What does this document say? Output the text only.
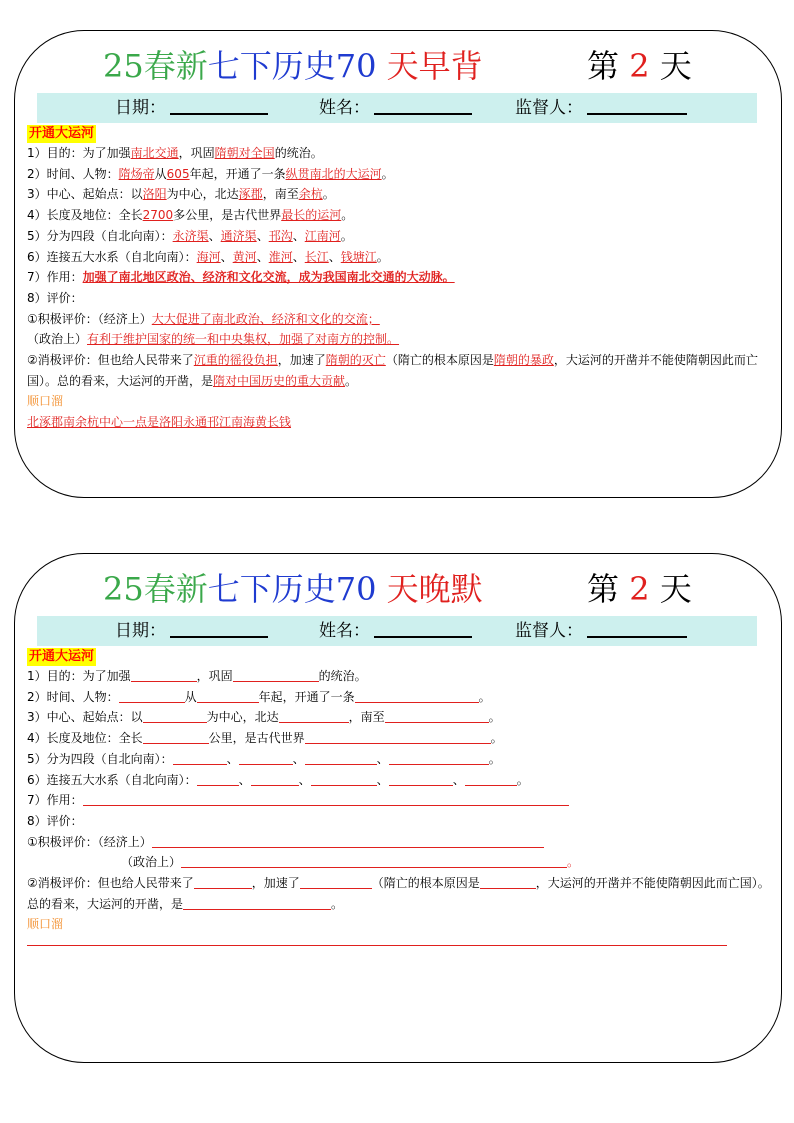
25春新七下历史70 天早背	第 2 天
日期：	姓名：	监督人：
开通大运河
1）目的：为了加强南北交通，巩固隋朝对全国的统治。
2）时间、人物：隋炀帝从605年起，开通了一条纵贯南北的大运河。
3）中心、起始点：以洛阳为中心，北达涿郡，南至余杭。
4）长度及地位：全长2700多公里，是古代世界最长的运河。
5）分为四段（自北向南）：永济渠、通济渠、邗沟、江南河。
6）连接五大水系（自北向南）：海河、黄河、淮河、长江、钱塘江。
7）作用：加强了南北地区政治、经济和文化交流，成为我国南北交通的大动脉。
8）评价：
①积极评价：（经济上）大大促进了南北政治、经济和文化的交流；
（政治上）有利于维护国家的统一和中央集权，加强了对南方的控制。
②消极评价：但也给人民带来了沉重的徭役负担，加速了隋朝的灭亡（隋亡的根本原因是隋朝的暴政，大运河的开凿并不能使隋朝因此而亡国）。总的看来，大运河的开凿，是隋对中国历史的重大贡献。
顺口溜
北涿郡南余杭中心一点是洛阳永通邗江南海黄长钱
25春新七下历史70 天晚默	第 2 天
日期：	姓名：	监督人：
开通大运河
1）目的：为了加强	，巩固	的统治。
2）时间、人物：	从	年起，开通了一条	。
3）中心、起始点：以	为中心，北达	，南至	。
4）长度及地位：全长	公里，是古代世界	。
5）分为四段（自北向南）：	、	、	、	。
6）连接五大水系（自北向南）：	、	、	、	、	。
7）作用：
8）评价：
①积极评价：（经济上）
（政治上）	。
②消极评价：但也给人民带来了	，加速了	（隋亡的根本原因是	，大运河的开凿并不能使隋朝因此而亡国）。总的看来，大运河的开凿，是	。
顺口溜
